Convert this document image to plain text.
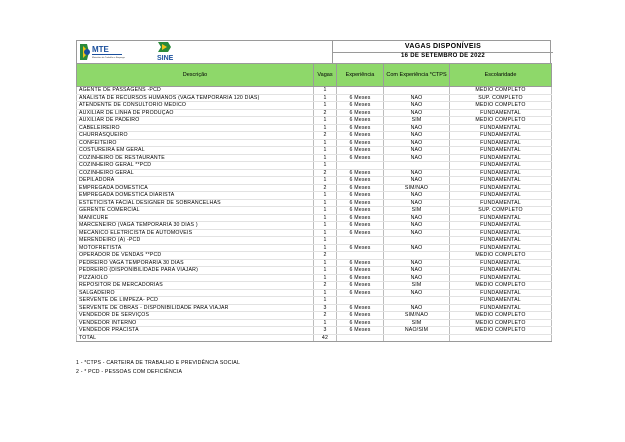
MTE
Ministério do Trabalho e Emprego	SINE
VAGAS DISPONÍVEIS
16 DE SETEMBRO DE 2022
Descrição	Vagas	Experiência	Com Experiência *CTPS	Escolaridade
AGENTE DE PASSAGENS -PCD	1			MÉDIO COMPLETO
ANALISTA DE RECURSOS HUMANOS (VAGA TEMPORÁRIA 120 DIAS)	1	6 Meses	NÃO	SUP. COMPLETO
ATENDENTE DE CONSULTÓRIO MÉDICO	1	6 Meses	NÃO	MÉDIO COMPLETO
AUXILIAR DE LINHA DE PRODUÇÃO	2	6 Meses	NÃO	FUNDAMENTAL
AUXILIAR DE PADEIRO	1	6 Meses	SIM	MÉDIO COMPLETO
CABELEIREIRO	1	6 Meses	NÃO	FUNDAMENTAL
CHURRASQUEIRO	2	6 Meses	NÃO	FUNDAMENTAL
CONFEITEIRO	1	6 Meses	NÃO	FUNDAMENTAL
COSTUREIRA EM GERAL	1	6 Meses	NÃO	FUNDAMENTAL
COZINHEIRO DE RESTAURANTE	1	6 Meses	NÃO	FUNDAMENTAL
COZINHEIRO GERAL **PCD	1			FUNDAMENTAL
COZINHEIRO GERAL	2	6 Meses	NÃO	FUNDAMENTAL
DEPILADORA	1	6 Meses	NÃO	FUNDAMENTAL
EMPREGADA DOMÉSTICA	2	6 Meses	SIM/NÃO	FUNDAMENTAL
EMPREGADA DOMÉSTICA DIARISTA	1	6 Meses	NÃO	FUNDAMENTAL
ESTETICISTA FACIAL DESIGNER DE SOBRANCELHAS	1	6 Meses	NÃO	FUNDAMENTAL
GERENTE COMERCIAL	1	6 Meses	SIM	SUP. COMPLETO
MANICURE	1	6 Meses	NÃO	FUNDAMENTAL
MARCENEIRO (VAGA TEMPORÁRIA 30 DIAS )	1	6 Meses	NÃO	FUNDAMENTAL
MECÂNICO ELETRICISTA DE AUTOMÓVEIS	1	6 Meses	NÃO	FUNDAMENTAL
MERENDEIRO (A) -PCD	1			FUNDAMENTAL
MOTOFRETISTA	1	6 Meses	NÃO	FUNDAMENTAL
OPERADOR DE VENDAS **PCD	2			MÉDIO COMPLETO
PEDREIRO VAGA TEMPORÁRIA 30 DIAS	1	6 Meses	NÃO	FUNDAMENTAL
PEDREIRO (DISPONIBILIDADE PARA VIAJAR)	1	6 Meses	NÃO	FUNDAMENTAL
PIZZAIOLO	1	6 Meses	NÃO	FUNDAMENTAL
REPOSITOR DE MERCADORIAS	2	6 Meses	SIM	MÉDIO COMPLETO
SALGADEIRO	1	6 Meses	NÃO	FUNDAMENTAL
SERVENTE DE LIMPEZA- PCD	1			FUNDAMENTAL
SERVENTE DE OBRAS - DISPONIBILIDADE PARA VIAJAR	3	6 Meses	NÃO	FUNDAMENTAL
VENDEDOR DE SERVIÇOS	2	6 Meses	SIM/NÃO	MÉDIO COMPLETO
VENDEDOR INTERNO	1	6 Meses	SIM	MÉDIO COMPLETO
VENDEDOR PRACISTA	3	6 Meses	NÃO/SIM	MÉDIO COMPLETO
TOTAL	42			
1 - *CTPS - CARTEIRA DE TRABALHO E PREVIDÊNCIA SOCIAL
2 - * PCD - PESSOAS COM DEFICIÊNCIA
